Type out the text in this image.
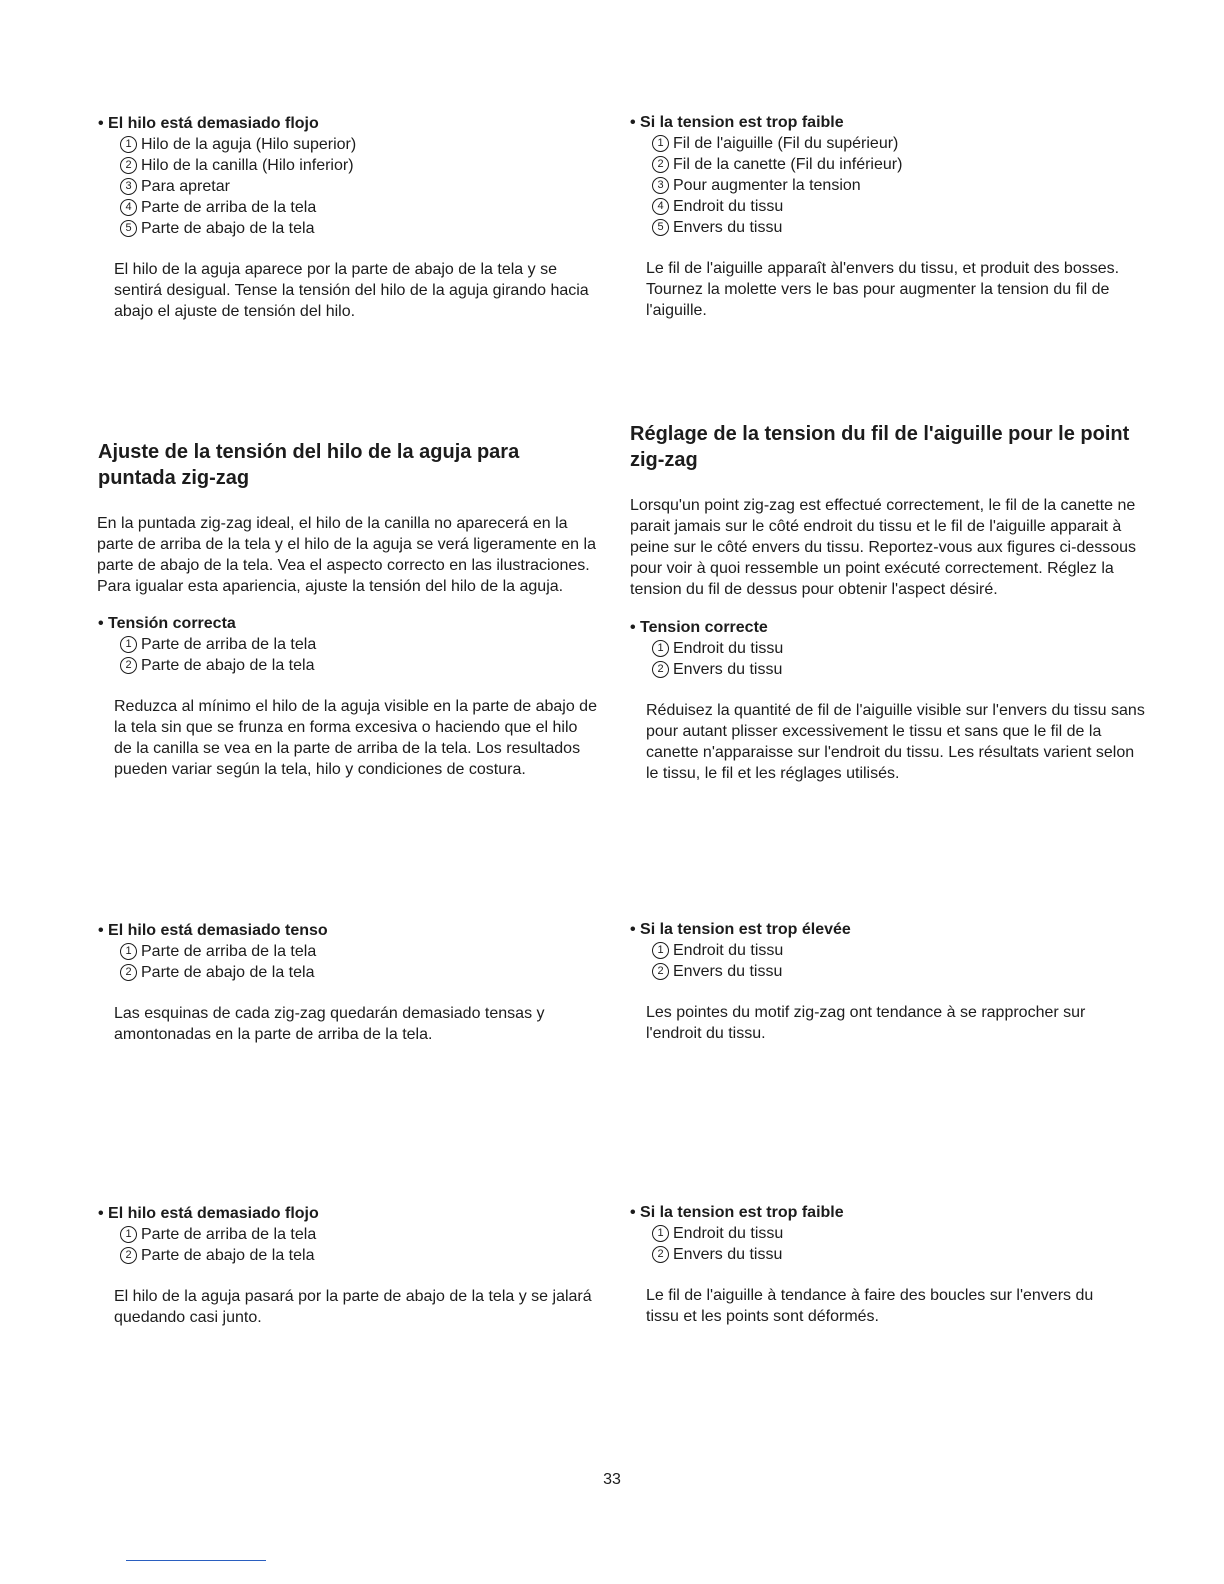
• El hilo está demasiado flojo

1 Hilo de la aguja (Hilo superior)
2 Hilo de la canilla (Hilo inferior)
3 Para apretar
4 Parte de arriba de la tela
5 Parte de abajo de la tela

El hilo de la aguja aparece por la parte de abajo de la tela y se sentirá desigual. Tense la tensión del hilo de la aguja girando hacia abajo el ajuste de tensión del hilo.

• Si la tension est trop faible

1 Fil de l'aiguille (Fil du supérieur)
2 Fil de la canette (Fil du inférieur)
3 Pour augmenter la tension
4 Endroit du tissu
5 Envers du tissu

Le fil de l'aiguille apparaît àl'envers du tissu, et produit des bosses. Tournez la molette vers le bas pour augmenter la tension du fil de l'aiguille.

Ajuste de la tensión del hilo de la aguja para puntada zig-zag

En la puntada zig-zag ideal, el hilo de la canilla no aparecerá en la parte de arriba de la tela y el hilo de la aguja se verá ligeramente en la parte de abajo de la tela. Vea el aspecto correcto en las ilustraciones. Para igualar esta apariencia, ajuste la tensión del hilo de la aguja.

• Tensión correcta

1 Parte de arriba de la tela
2 Parte de abajo de la tela

Reduzca al mínimo el hilo de la aguja visible en la parte de abajo de la tela sin que se frunza en forma excesiva o haciendo que el hilo de la canilla se vea en la parte de arriba de la tela. Los resultados pueden variar según la tela, hilo y condiciones de costura.

Réglage de la tension du fil de l'aiguille pour le point zig-zag

Lorsqu'un point zig-zag est effectué correctement, le fil de la canette ne parait jamais sur le côté endroit du tissu et le fil de l'aiguille apparait à peine sur le côté envers du tissu. Reportez-vous aux figures ci-dessous pour voir à quoi ressemble un point exécuté correctement. Réglez la tension du fil de dessus pour obtenir l'aspect désiré.

• Tension correcte

1 Endroit du tissu
2 Envers du tissu

Réduisez la quantité de fil de l'aiguille visible sur l'envers du tissu sans pour autant plisser excessivement le tissu et sans que le fil de la canette n'apparaisse sur l'endroit du tissu. Les résultats varient selon le tissu, le fil et les réglages utilisés.

• El hilo está demasiado tenso

1 Parte de arriba de la tela
2 Parte de abajo de la tela

Las esquinas de cada zig-zag quedarán demasiado tensas y amontonadas en la parte de arriba de la tela.

• Si la tension est trop élevée

1 Endroit du tissu
2 Envers du tissu

Les pointes du motif zig-zag ont tendance à se rapprocher sur l'endroit du tissu.

• El hilo está demasiado flojo

1 Parte de arriba de la tela
2 Parte de abajo de la tela

El hilo de la aguja pasará por la parte de abajo de la tela y se jalará quedando casi junto.

• Si la tension est trop faible

1 Endroit du tissu
2 Envers du tissu

Le fil de l'aiguille à tendance à faire des boucles sur l'envers du tissu et les points sont déformés.

33
